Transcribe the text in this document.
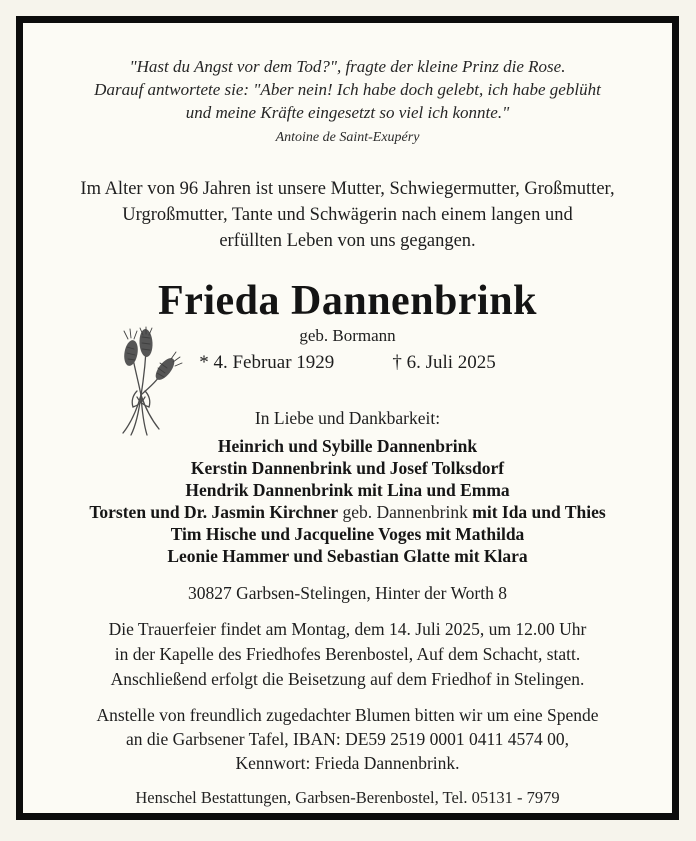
"Hast du Angst vor dem Tod?", fragte der kleine Prinz die Rose.
Darauf antwortete sie: "Aber nein! Ich habe doch gelebt, ich habe geblüht
und meine Kräfte eingesetzt so viel ich konnte."
Antoine de Saint-Exupéry
Im Alter von 96 Jahren ist unsere Mutter, Schwiegermutter, Großmutter,
Urgroßmutter, Tante und Schwägerin nach einem langen und
erfüllten Leben von uns gegangen.
Frieda Dannenbrink
geb. Bormann
* 4. Februar 1929	† 6. Juli 2025
In Liebe und Dankbarkeit:
Heinrich und Sybille Dannenbrink
Kerstin Dannenbrink und Josef Tolksdorf
Hendrik Dannenbrink mit Lina und Emma
Torsten und Dr. Jasmin Kirchner geb. Dannenbrink mit Ida und Thies
Tim Hische und Jacqueline Voges mit Mathilda
Leonie Hammer und Sebastian Glatte mit Klara
30827 Garbsen-Stelingen, Hinter der Worth 8
Die Trauerfeier findet am Montag, dem 14. Juli 2025, um 12.00 Uhr
in der Kapelle des Friedhofes Berenbostel, Auf dem Schacht, statt.
Anschließend erfolgt die Beisetzung auf dem Friedhof in Stelingen.
Anstelle von freundlich zugedachter Blumen bitten wir um eine Spende
an die Garbsener Tafel, IBAN: DE59 2519 0001 0411 4574 00,
Kennwort: Frieda Dannenbrink.
Henschel Bestattungen, Garbsen-Berenbostel, Tel. 05131 - 7979
